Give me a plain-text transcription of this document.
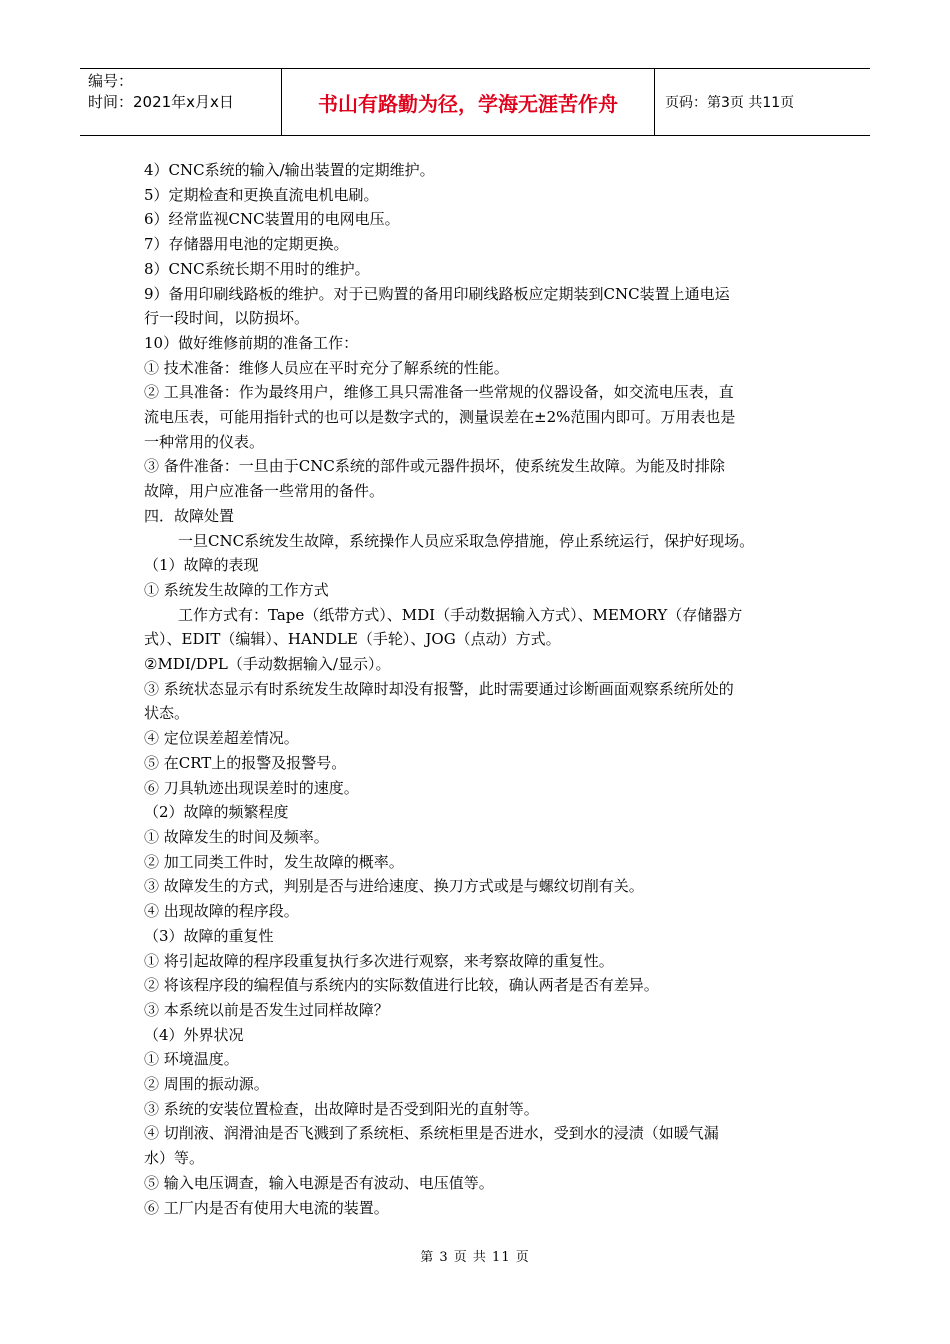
编号：
时间：2021年x月x日	书山有路勤为径，学海无涯苦作舟	页码：第3页 共11页

4）CNC系统的输入/输出装置的定期维护。

5）定期检查和更换直流电机电刷。

6）经常监视CNC装置用的电网电压。

7）存储器用电池的定期更换。

8）CNC系统长期不用时的维护。

9）备用印刷线路板的维护。对于已购置的备用印刷线路板应定期装到CNC装置上通电运

行一段时间，以防损坏。

10）做好维修前期的准备工作：

① 技术准备：维修人员应在平时充分了解系统的性能。

② 工具准备：作为最终用户，维修工具只需准备一些常规的仪器设备，如交流电压表，直

流电压表，可能用指针式的也可以是数字式的，测量误差在±2%范围内即可。万用表也是

一种常用的仪表。

③ 备件准备：一旦由于CNC系统的部件或元器件损坏，使系统发生故障。为能及时排除

故障，用户应准备一些常用的备件。

四．故障处置

一旦CNC系统发生故障，系统操作人员应采取急停措施，停止系统运行，保护好现场。

（1）故障的表现

① 系统发生故障的工作方式

工作方式有：Tape（纸带方式）、MDI（手动数据输入方式）、MEMORY（存储器方

式）、EDIT（编辑）、HANDLE（手轮）、JOG（点动）方式。

②MDI/DPL（手动数据输入/显示）。

③ 系统状态显示有时系统发生故障时却没有报警，此时需要通过诊断画面观察系统所处的

状态。

④ 定位误差超差情况。

⑤ 在CRT上的报警及报警号。

⑥ 刀具轨迹出现误差时的速度。

（2）故障的频繁程度

① 故障发生的时间及频率。

② 加工同类工件时，发生故障的概率。

③ 故障发生的方式，判别是否与进给速度、换刀方式或是与螺纹切削有关。

④ 出现故障的程序段。

（3）故障的重复性

① 将引起故障的程序段重复执行多次进行观察，来考察故障的重复性。

② 将该程序段的编程值与系统内的实际数值进行比较，确认两者是否有差异。

③ 本系统以前是否发生过同样故障？

（4）外界状况

① 环境温度。

② 周围的振动源。

③ 系统的安装位置检查，出故障时是否受到阳光的直射等。

④ 切削液、润滑油是否飞溅到了系统柜、系统柜里是否进水，受到水的浸渍（如暖气漏

水）等。

⑤ 输入电压调查，输入电源是否有波动、电压值等。

⑥ 工厂内是否有使用大电流的装置。

第 3 页 共 11 页
